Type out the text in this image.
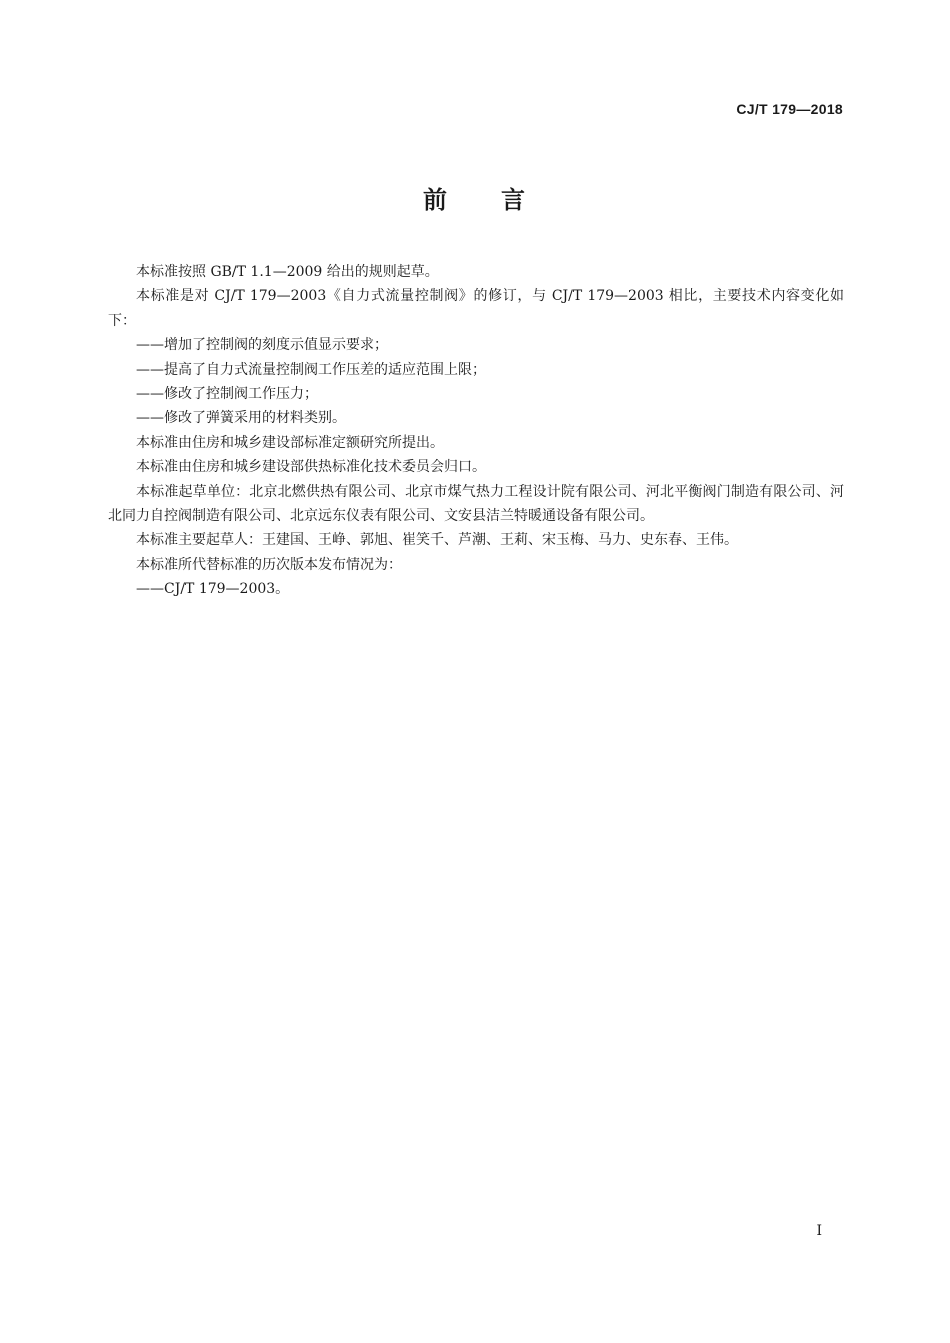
CJ/T 179—2018
前　　言

本标准按照 GB/T 1.1—2009 给出的规则起草。

本标准是对 CJ/T 179—2003《自力式流量控制阀》的修订，与 CJ/T 179—2003 相比，主要技术内容变化如下：

——增加了控制阀的刻度示值显示要求；

——提高了自力式流量控制阀工作压差的适应范围上限；

——修改了控制阀工作压力；

——修改了弹簧采用的材料类别。

本标准由住房和城乡建设部标准定额研究所提出。

本标准由住房和城乡建设部供热标准化技术委员会归口。

本标准起草单位：北京北燃供热有限公司、北京市煤气热力工程设计院有限公司、河北平衡阀门制造有限公司、河北同力自控阀制造有限公司、北京远东仪表有限公司、文安县洁兰特暖通设备有限公司。

本标准主要起草人：王建国、王峥、郭旭、崔笑千、芦潮、王莉、宋玉梅、马力、史东春、王伟。

本标准所代替标准的历次版本发布情况为：

——CJ/T 179—2003。

I
